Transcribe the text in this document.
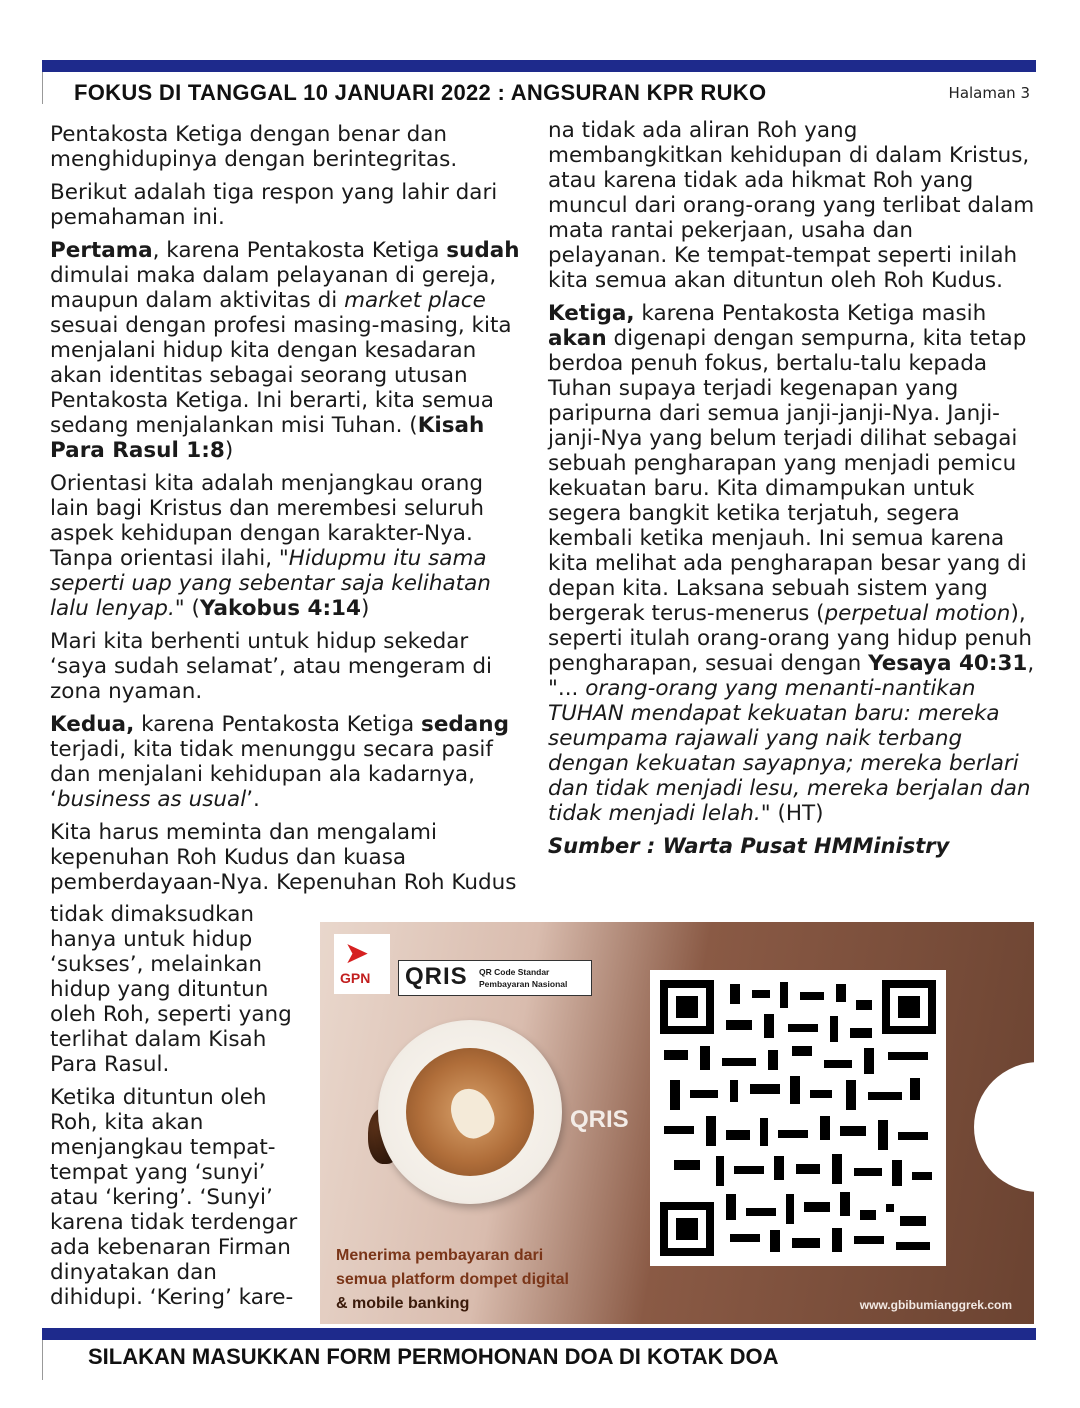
FOKUS DI TANGGAL 10 JANUARI 2022 : ANGSURAN KPR RUKO	Halaman 3

Pentakosta Ketiga dengan benar dan menghidupinya dengan berintegritas.

Berikut adalah tiga respon yang lahir dari pemahaman ini.

Pertama, karena Pentakosta Ketiga sudah dimulai maka dalam pelayanan di gereja, maupun dalam aktivitas di market place sesuai dengan profesi masing-masing, kita menjalani hidup kita dengan kesadaran akan identitas sebagai seorang utusan Pentakosta Ketiga. Ini berarti, kita semua sedang menjalankan misi Tuhan. (Kisah Para Rasul 1:8)

Orientasi kita adalah menjangkau orang lain bagi Kristus dan merembesi seluruh aspek kehidupan dengan karakter-Nya. Tanpa orientasi ilahi, "Hidupmu itu sama seperti uap yang sebentar saja kelihatan lalu lenyap." (Yakobus 4:14)

Mari kita berhenti untuk hidup sekedar ‘saya sudah selamat’, atau mengeram di zona nyaman.

Kedua, karena Pentakosta Ketiga sedang terjadi, kita tidak menunggu secara pasif dan menjalani kehidupan ala kadarnya, ‘business as usual’.

Kita harus meminta dan mengalami kepenuhan Roh Kudus dan kuasa pemberdayaan-Nya. Kepenuhan Roh Kudus

tidak dimaksudkan hanya untuk hidup ‘sukses’, melainkan hidup yang dituntun oleh Roh, seperti yang terlihat dalam Kisah Para Rasul.

Ketika dituntun oleh Roh, kita akan menjangkau tempat-tempat yang ‘sunyi’ atau ‘kering’. ‘Sunyi’ karena tidak terdengar ada kebenaran Firman dinyatakan dan dihidupi. ‘Kering’ kare-

na tidak ada aliran Roh yang membangkitkan kehidupan di dalam Kristus, atau karena tidak ada hikmat Roh yang muncul dari orang-orang yang terlibat dalam mata rantai pekerjaan, usaha dan pelayanan. Ke tempat-tempat seperti inilah kita semua akan dituntun oleh Roh Kudus.

Ketiga, karena Pentakosta Ketiga masih akan digenapi dengan sempurna, kita tetap berdoa penuh fokus, bertalu-talu kepada Tuhan supaya terjadi kegenapan yang paripurna dari semua janji-janji-Nya. Janji-janji-Nya yang belum terjadi dilihat sebagai sebuah pengharapan yang menjadi pemicu kekuatan baru. Kita dimampukan untuk segera bangkit ketika terjatuh, segera kembali ketika menjauh. Ini semua karena kita melihat ada pengharapan besar yang di depan kita. Laksana sebuah sistem yang bergerak terus-menerus (perpetual motion), seperti itulah orang-orang yang hidup penuh pengharapan, sesuai dengan Yesaya 40:31, "... orang-orang yang menanti-nantikan TUHAN mendapat kekuatan baru: mereka seumpama rajawali yang naik terbang dengan kekuatan sayapnya; mereka berlari dan tidak menjadi lesu, mereka berjalan dan tidak menjadi lelah." (HT)

Sumber : Warta Pusat HMMinistry
➤
GPN QRIS QR Code Standar
Pembayaran Nasional
QRIS
Menerima pembayaran dari
semua platform dompet digital
& mobile banking	www.gbibumianggrek.com
SILAKAN MASUKKAN FORM PERMOHONAN DOA DI KOTAK DOA
